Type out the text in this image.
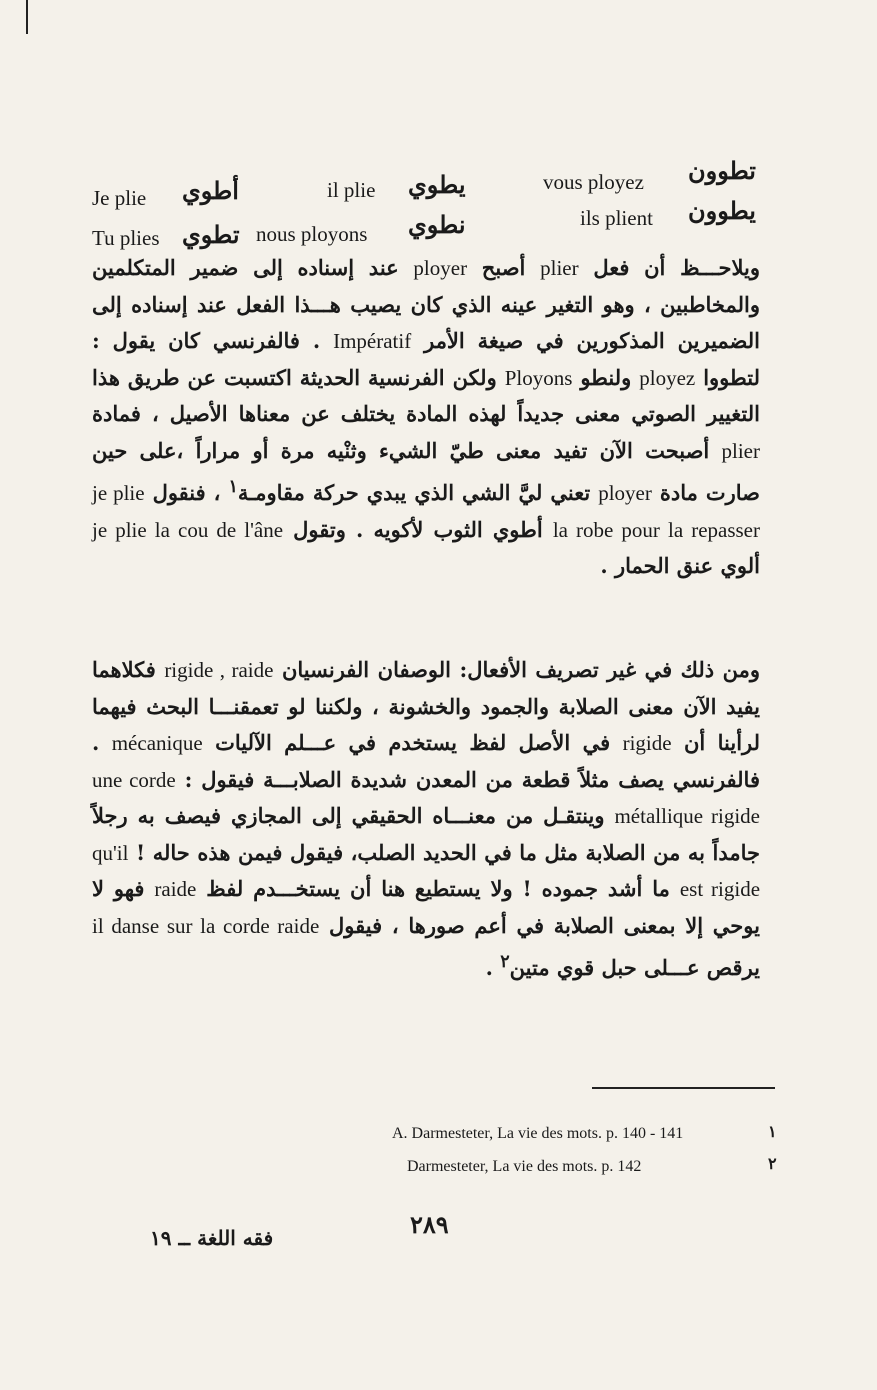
Je plie أطوي
Tu plies تطوي
il plie يطوي
nous ployons نطوي
vous ployez تطوون
ils plient يطوون

ويلاحـــظ أن فعل plier أصبح ployer عند إسناده إلى ضمير المتكلمين والمخاطبين ، وهو التغير عينه الذي كان يصيب هـــذا الفعل عند إسناده إلى الضميرين المذكورين في صيغة الأمر Impératif . فالفرنسي كان يقول : لتطووا ployez ولنطو Ployons ولكن الفرنسية الحديثة اكتسبت عن طريق هذا التغيير الصوتي معنى جديداً لهذه المادة يختلف عن معناها الأصيل ، فمادة plier أصبحت الآن تفيد معنى طيّ الشيء وثنْيه مرة أو مراراً ،على حين صارت مادة ployer تعني ليَّ الشي الذي يبدي حركة مقاومـة$^١$ ، فنقول je plie la robe pour la repasser أطوي الثوب لأكويه . وتقول je plie la cou de l'âne ألوي عنق الحمار .

ومن ذلك في غير تصريف الأفعال: الوصفان الفرنسيان rigide , raide فكلاهما يفيد الآن معنى الصلابة والجمود والخشونة ، ولكننا لو تعمقنـــا البحث فيهما لرأينا أن rigide في الأصل لفظ يستخدم في عـــلم الآليات mécanique . فالفرنسي يصف مثلاً قطعة من المعدن شديدة الصلابـــة فيقول : une corde métallique rigide وينتقـل من معنـــاه الحقيقي إلى المجازي فيصف به رجلاً جامداً به من الصلابة مثل ما في الحديد الصلب، فيقول فيمن هذه حاله ! qu'il est rigide ما أشد جموده ! ولا يستطيع هنا أن يستخـــدم لفظ raide فهو لا يوحي إلا بمعنى الصلابة في أعم صورها ، فيقول il danse sur la corde raide يرقص عـــلى حبل قوي متين$^٢$ .

١
A. Darmesteter, La vie des mots. p. 140 - 141
٢
Darmesteter, La vie des mots. p. 142
٢٨٩
فقه اللغة ــ ١٩
